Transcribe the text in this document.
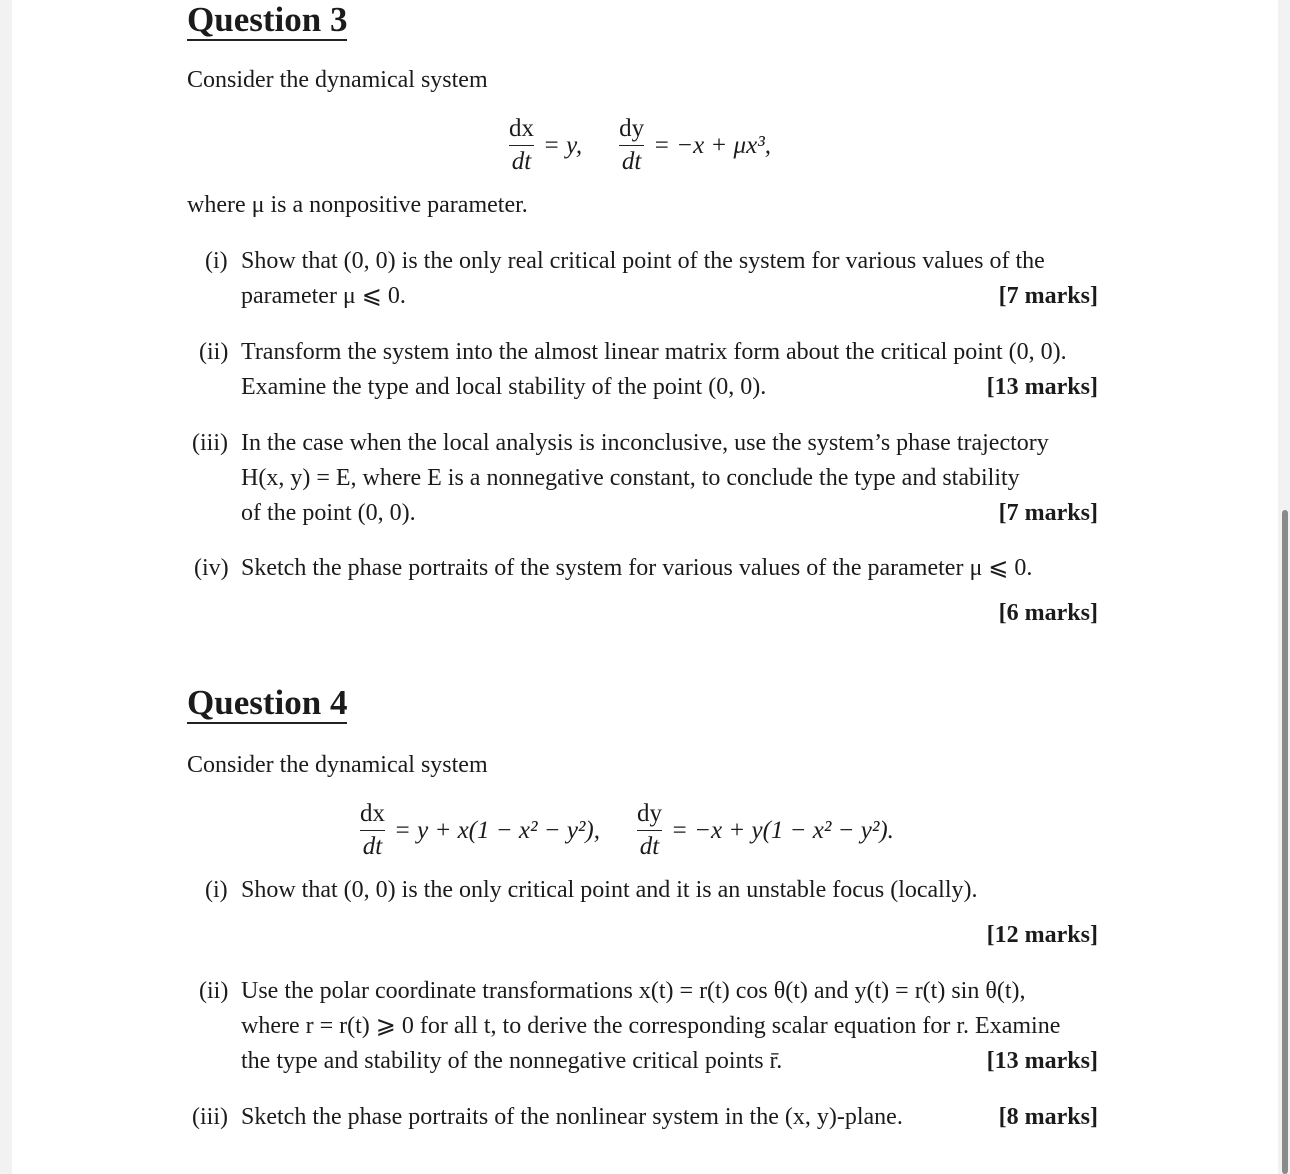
Question 3
Consider the dynamical system
$\frac{dx}{dt} = y$, $\frac{dy}{dt} = -x + \mu x^3$,
where μ is a nonpositive parameter.
(i) Show that (0, 0) is the only real critical point of the system for various values of the
parameter μ ⩽ 0.	[7 marks]
(ii) Transform the system into the almost linear matrix form about the critical point (0, 0).
Examine the type and local stability of the point (0, 0).	[13 marks]
(iii) In the case when the local analysis is inconclusive, use the system’s phase trajectory
H(x, y) = E, where E is a nonnegative constant, to conclude the type and stability
of the point (0, 0).	[7 marks]
(iv) Sketch the phase portraits of the system for various values of the parameter μ ⩽ 0.
[6 marks]
Question 4
Consider the dynamical system
$\frac{dx}{dt} = y + x(1 - x^2 - y^2)$, $\frac{dy}{dt} = -x + y(1 - x^2 - y^2)$.
(i) Show that (0, 0) is the only critical point and it is an unstable focus (locally).
[12 marks]
(ii) Use the polar coordinate transformations x(t) = r(t) cos θ(t) and y(t) = r(t) sin θ(t),
where r = r(t) ⩾ 0 for all t, to derive the corresponding scalar equation for r. Examine
the type and stability of the nonnegative critical points r̄.	[13 marks]
(iii) Sketch the phase portraits of the nonlinear system in the (x, y)-plane.	[8 marks]
